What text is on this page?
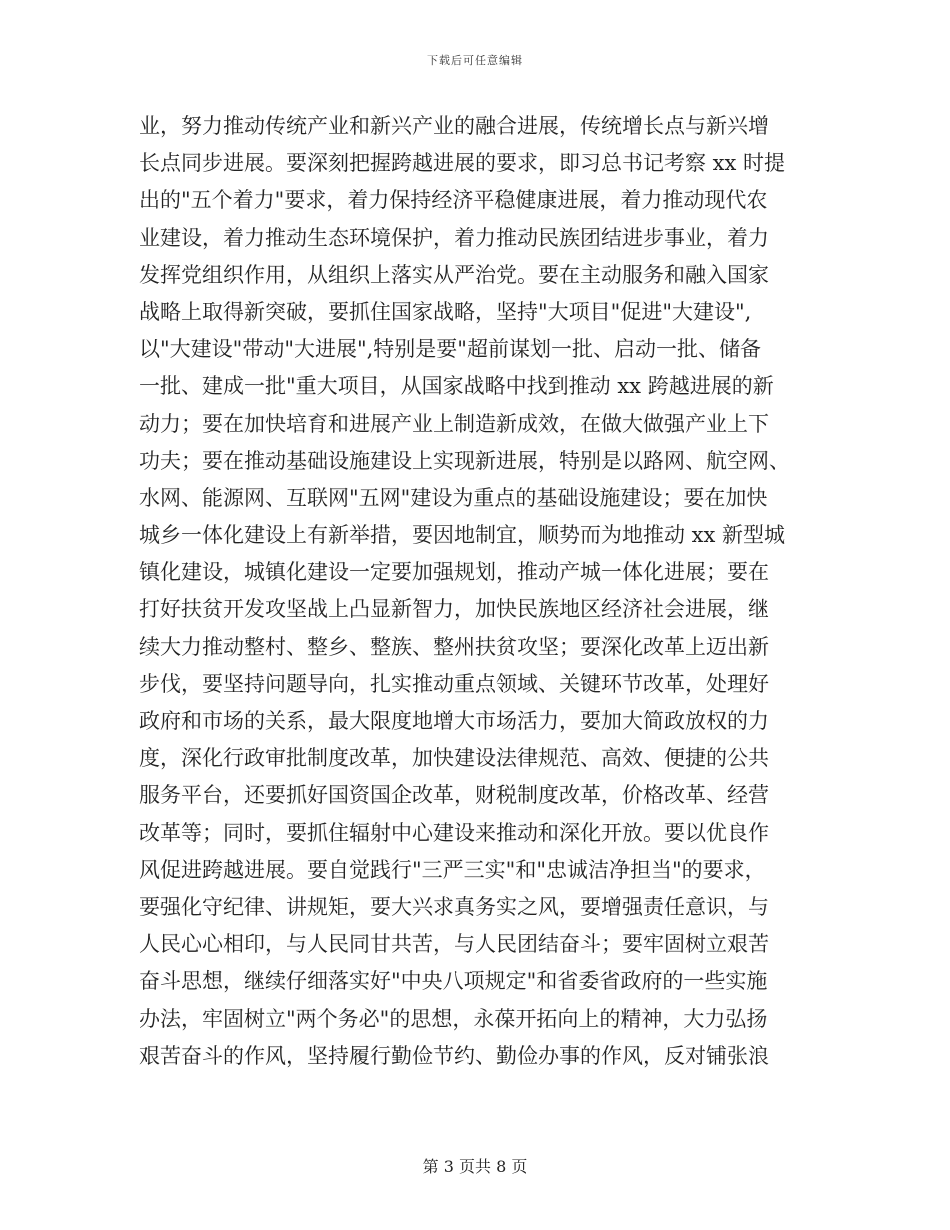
下载后可任意编辑
业，努力推动传统产业和新兴产业的融合进展，传统增长点与新兴增
长点同步进展。要深刻把握跨越进展的要求，即习总书记考察 xx 时提
出的"五个着力"要求，着力保持经济平稳健康进展，着力推动现代农
业建设，着力推动生态环境保护，着力推动民族团结进步事业，着力
发挥党组织作用，从组织上落实从严治党。要在主动服务和融入国家
战略上取得新突破，要抓住国家战略，坚持"大项目"促进"大建设",
以"大建设"带动"大进展",特别是要"超前谋划一批、启动一批、储备
一批、建成一批"重大项目，从国家战略中找到推动 xx 跨越进展的新
动力；要在加快培育和进展产业上制造新成效，在做大做强产业上下
功夫；要在推动基础设施建设上实现新进展，特别是以路网、航空网、
水网、能源网、互联网"五网"建设为重点的基础设施建设；要在加快
城乡一体化建设上有新举措，要因地制宜，顺势而为地推动 xx 新型城
镇化建设，城镇化建设一定要加强规划，推动产城一体化进展；要在
打好扶贫开发攻坚战上凸显新智力，加快民族地区经济社会进展，继
续大力推动整村、整乡、整族、整州扶贫攻坚；要深化改革上迈出新
步伐，要坚持问题导向，扎实推动重点领域、关键环节改革，处理好
政府和市场的关系，最大限度地增大市场活力，要加大简政放权的力
度，深化行政审批制度改革，加快建设法律规范、高效、便捷的公共
服务平台，还要抓好国资国企改革，财税制度改革，价格改革、经营
改革等；同时，要抓住辐射中心建设来推动和深化开放。要以优良作
风促进跨越进展。要自觉践行"三严三实"和"忠诚洁净担当"的要求，
要强化守纪律、讲规矩，要大兴求真务实之风，要增强责任意识，与
人民心心相印，与人民同甘共苦，与人民团结奋斗；要牢固树立艰苦
奋斗思想，继续仔细落实好"中央八项规定"和省委省政府的一些实施
办法，牢固树立"两个务必"的思想，永葆开拓向上的精神，大力弘扬
艰苦奋斗的作风，坚持履行勤俭节约、勤俭办事的作风，反对铺张浪
第 3 页共 8 页
